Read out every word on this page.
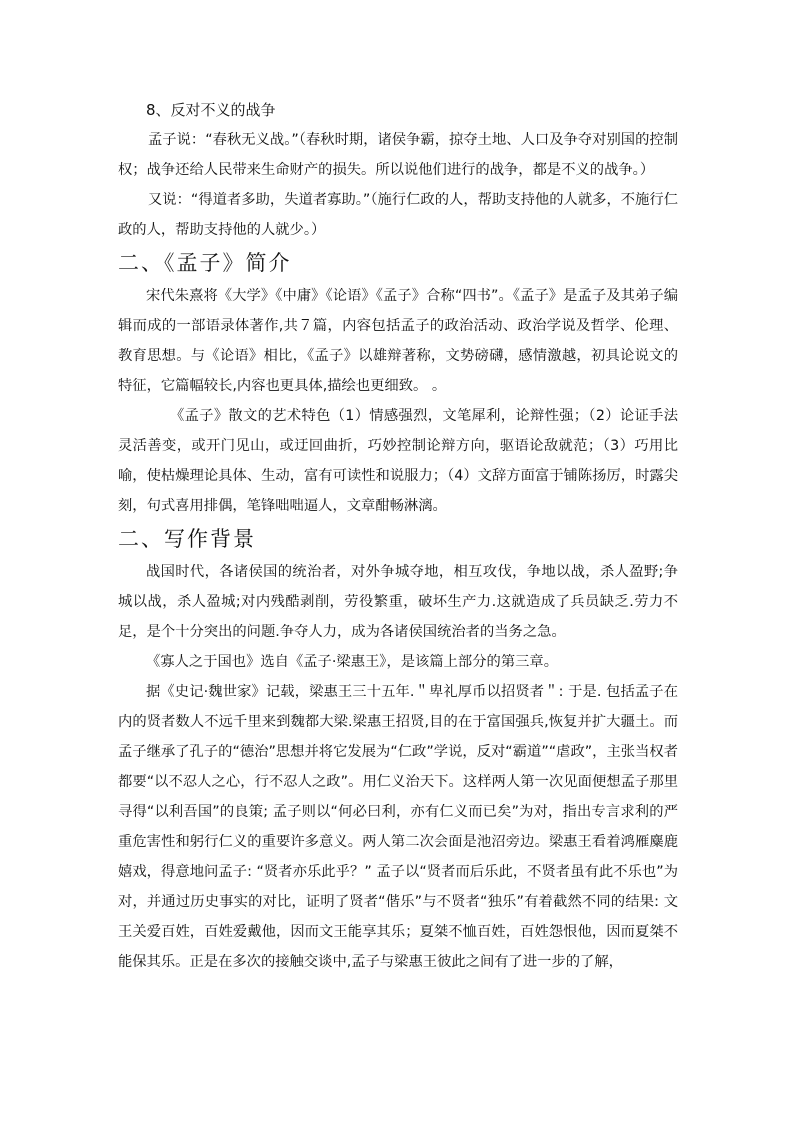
8、反对不义的战争

孟子说：“春秋无义战。”（春秋时期，诸侯争霸，掠夺土地、人口及争夺对别国的控制权；战争还给人民带来生命财产的损失。所以说他们进行的战争，都是不义的战争。）

又说：“得道者多助，失道者寡助。”（施行仁政的人，帮助支持他的人就多，不施行仁政的人，帮助支持他的人就少。）

二、《孟子》简介

宋代朱熹将《大学》《中庸》《论语》《孟子》合称“四书”。《孟子》是孟子及其弟子编辑而成的一部语录体著作,共７篇，内容包括孟子的政治活动、政治学说及哲学、伦理、教育思想。与《论语》相比，《孟子》以雄辩著称，文势磅礴，感情激越，初具论说文的特征，它篇幅较长,内容也更具体,描绘也更细致。 。

《孟子》散文的艺术特色（1）情感强烈，文笔犀利，论辩性强；（2）论证手法灵活善变，或开门见山，或迂回曲折，巧妙控制论辩方向，驱语论敌就范；（3）巧用比喻，使枯燥理论具体、生动，富有可读性和说服力；（4）文辞方面富于铺陈扬厉，时露尖刻，句式喜用排偶，笔锋咄咄逼人，文章酣畅淋漓。

二、写作背景

战国时代，各诸侯国的统治者，对外争城夺地，相互攻伐，争地以战，杀人盈野;争城以战，杀人盈城;对内残酷剥削，劳役繁重，破坏生产力.这就造成了兵员缺乏.劳力不足，是个十分突出的问题.争夺人力，成为各诸侯国统治者的当务之急。

《寡人之于国也》选自《孟子·梁惠王》，是该篇上部分的第三章。

据《史记·魏世家》记载，梁惠王三十五年.＂卑礼厚币以招贤者＂: 于是. 包括孟子在内的贤者数人不远千里来到魏都大梁.梁惠王招贤,目的在于富国强兵,恢复并扩大疆土。而孟子继承了孔子的“德治”思想并将它发展为“仁政”学说，反对“霸道”“虐政”，主张当权者都要“以不忍人之心，行不忍人之政”。用仁义治天下。这样两人第一次见面便想孟子那里寻得“以利吾国”的良策; 孟子则以“何必曰利，亦有仁义而已矣”为对，指出专言求利的严重危害性和躬行仁义的重要许多意义。两人第二次会面是池沼旁边。梁惠王看着鸿雁麋鹿嬉戏，得意地问孟子: “贤者亦乐此乎？” 孟子以“贤者而后乐此，不贤者虽有此不乐也”为对，并通过历史事实的对比，证明了贤者“偕乐”与不贤者“独乐”有着截然不同的结果: 文王关爱百姓，百姓爱戴他，因而文王能享其乐；夏桀不恤百姓，百姓怨恨他，因而夏桀不能保其乐。正是在多次的接触交谈中,孟子与梁惠王彼此之间有了进一步的了解，
